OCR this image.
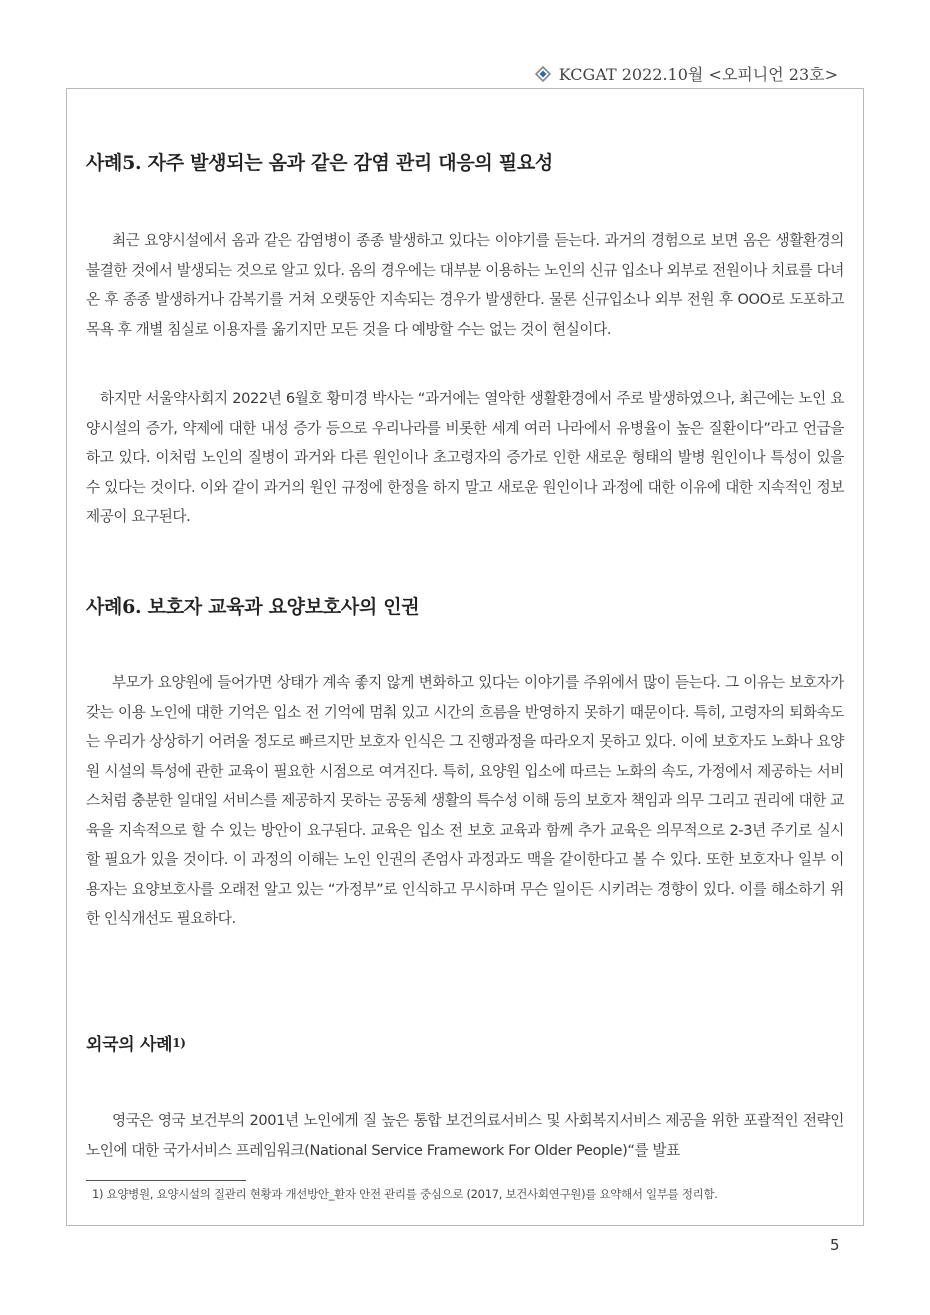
KCGAT 2022.10월 <오피니언 23호>
사례5. 자주 발생되는 옴과 같은 감염 관리 대응의 필요성

최근 요양시설에서 옴과 같은 감염병이 종종 발생하고 있다는 이야기를 듣는다. 과거의 경험으로 보면 옴은 생활환경의 불결한 것에서 발생되는 것으로 알고 있다. 옴의 경우에는 대부분 이용하는 노인의 신규 입소나 외부로 전원이나 치료를 다녀온 후 종종 발생하거나 감복기를 거쳐 오랫동안 지속되는 경우가 발생한다. 물론 신규입소나 외부 전원 후 OOO로 도포하고 목욕 후 개별 침실로 이용자를 옮기지만 모든 것을 다 예방할 수는 없는 것이 현실이다.

하지만 서울약사회지 2022년 6월호 황미경 박사는 “과거에는 열악한 생활환경에서 주로 발생하였으나, 최근에는 노인 요양시설의 증가, 약제에 대한 내성 증가 등으로 우리나라를 비롯한 세계 여러 나라에서 유병율이 높은 질환이다”라고 언급을 하고 있다. 이처럼 노인의 질병이 과거와 다른 원인이나 초고령자의 증가로 인한 새로운 형태의 발병 원인이나 특성이 있을 수 있다는 것이다. 이와 같이 과거의 원인 규정에 한정을 하지 말고 새로운 원인이나 과정에 대한 이유에 대한 지속적인 정보 제공이 요구된다.

사례6. 보호자 교육과 요양보호사의 인권

부모가 요양원에 들어가면 상태가 계속 좋지 않게 변화하고 있다는 이야기를 주위에서 많이 듣는다. 그 이유는 보호자가 갖는 이용 노인에 대한 기억은 입소 전 기억에 멈춰 있고 시간의 흐름을 반영하지 못하기 때문이다. 특히, 고령자의 퇴화속도는 우리가 상상하기 어려울 정도로 빠르지만 보호자 인식은 그 진행과정을 따라오지 못하고 있다. 이에 보호자도 노화나 요양원 시설의 특성에 관한 교육이 필요한 시점으로 여겨진다. 특히, 요양원 입소에 따르는 노화의 속도, 가정에서 제공하는 서비스처럼 충분한 일대일 서비스를 제공하지 못하는 공동체 생활의 특수성 이해 등의 보호자 책임과 의무 그리고 권리에 대한 교육을 지속적으로 할 수 있는 방안이 요구된다. 교육은 입소 전 보호 교육과 함께 추가 교육은 의무적으로 2-3년 주기로 실시할 필요가 있을 것이다. 이 과정의 이해는 노인 인권의 존엄사 과정과도 맥을 같이한다고 볼 수 있다. 또한 보호자나 일부 이용자는 요양보호사를 오래전 알고 있는 “가정부”로 인식하고 무시하며 무슨 일이든 시키려는 경향이 있다. 이를 해소하기 위한 인식개선도 필요하다.

외국의 사례$^{1)}$

영국은 영국 보건부의 2001년 노인에게 질 높은 통합 보건의료서비스 및 사회복지서비스 제공을 위한 포괄적인 전략인 노인에 대한 국가서비스 프레임워크(National Service Framework For Older People)“를 발표

1) 요양병원, 요양시설의 질관리 현황과 개선방안_환자 안전 관리를 중심으로 (2017, 보건사회연구원)를 요약해서 일부를 정리함.
5
